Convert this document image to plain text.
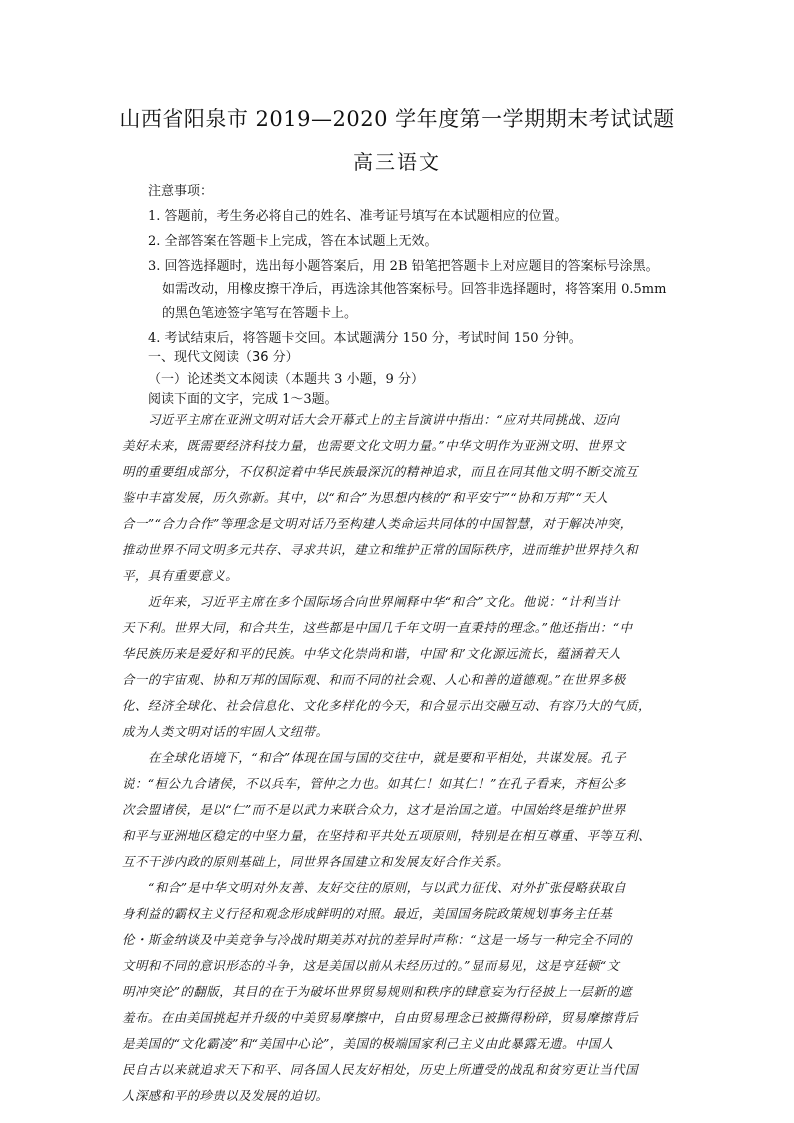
山西省阳泉市 2019—2020 学年度第一学期期末考试试题
高三语文
注意事项：
1. 答题前，考生务必将自己的姓名、准考证号填写在本试题相应的位置。
2. 全部答案在答题卡上完成，答在本试题上无效。
3. 回答选择题时，选出每小题答案后，用 2B 铅笔把答题卡上对应题目的答案标号涂黑。
如需改动，用橡皮擦干净后，再选涂其他答案标号。回答非选择题时，将答案用 0.5mm
的黑色笔迹签字笔写在答题卡上。
4. 考试结束后，将答题卡交回。本试题满分 150 分，考试时间 150 分钟。
一、现代文阅读（36 分）
（一）论述类文本阅读（本题共 3 小题，9 分）
阅读下面的文字，完成 1～3题。
习近平主席在亚洲文明对话大会开幕式上的主旨演讲中指出：“应对共同挑战、迈向
美好未来，既需要经济科技力量，也需要文化文明力量。”中华文明作为亚洲文明、世界文
明的重要组成部分，不仅积淀着中华民族最深沉的精神追求，而且在同其他文明不断交流互
鉴中丰富发展，历久弥新。其中，以“和合”为思想内核的“和平安宁”“协和万邦”“天人
合一”“合力合作”等理念是文明对话乃至构建人类命运共同体的中国智慧，对于解决冲突，
推动世界不同文明多元共存、寻求共识，建立和维护正常的国际秩序，进而维护世界持久和
平，具有重要意义。
近年来，习近平主席在多个国际场合向世界阐释中华“和合”文化。他说：“计利当计
天下利。世界大同，和合共生，这些都是中国几千年文明一直秉持的理念。”他还指出：“中
华民族历来是爱好和平的民族。中华文化崇尚和谐，中国‘和’文化源远流长，蕴涵着天人
合一的宇宙观、协和万邦的国际观、和而不同的社会观、人心和善的道德观。”在世界多极
化、经济全球化、社会信息化、文化多样化的今天，和合显示出交融互动、有容乃大的气质，
成为人类文明对话的牢固人文纽带。
在全球化语境下，“和合”体现在国与国的交往中，就是要和平相处，共谋发展。孔子
说：“桓公九合诸侯，不以兵车，管仲之力也。如其仁！如其仁！”在孔子看来，齐桓公多
次会盟诸侯，是以“仁”而不是以武力来联合众力，这才是治国之道。中国始终是维护世界
和平与亚洲地区稳定的中坚力量，在坚持和平共处五项原则，特别是在相互尊重、平等互利、
互不干涉内政的原则基础上，同世界各国建立和发展友好合作关系。
“和合”是中华文明对外友善、友好交往的原则，与以武力征伐、对外扩张侵略获取自
身利益的霸权主义行径和观念形成鲜明的对照。最近，美国国务院政策规划事务主任基
伦・斯金纳谈及中美竞争与冷战时期美苏对抗的差异时声称：“这是一场与一种完全不同的
文明和不同的意识形态的斗争，这是美国以前从未经历过的。”显而易见，这是亨廷顿“文
明冲突论”的翻版，其目的在于为破坏世界贸易规则和秩序的肆意妄为行径披上一层新的遮
羞布。在由美国挑起并升级的中美贸易摩擦中，自由贸易理念已被撕得粉碎，贸易摩擦背后
是美国的“文化霸凌”和“美国中心论”，美国的极端国家利己主义由此暴露无遗。中国人
民自古以来就追求天下和平、同各国人民友好相处，历史上所遭受的战乱和贫穷更让当代国
人深感和平的珍贵以及发展的迫切。
